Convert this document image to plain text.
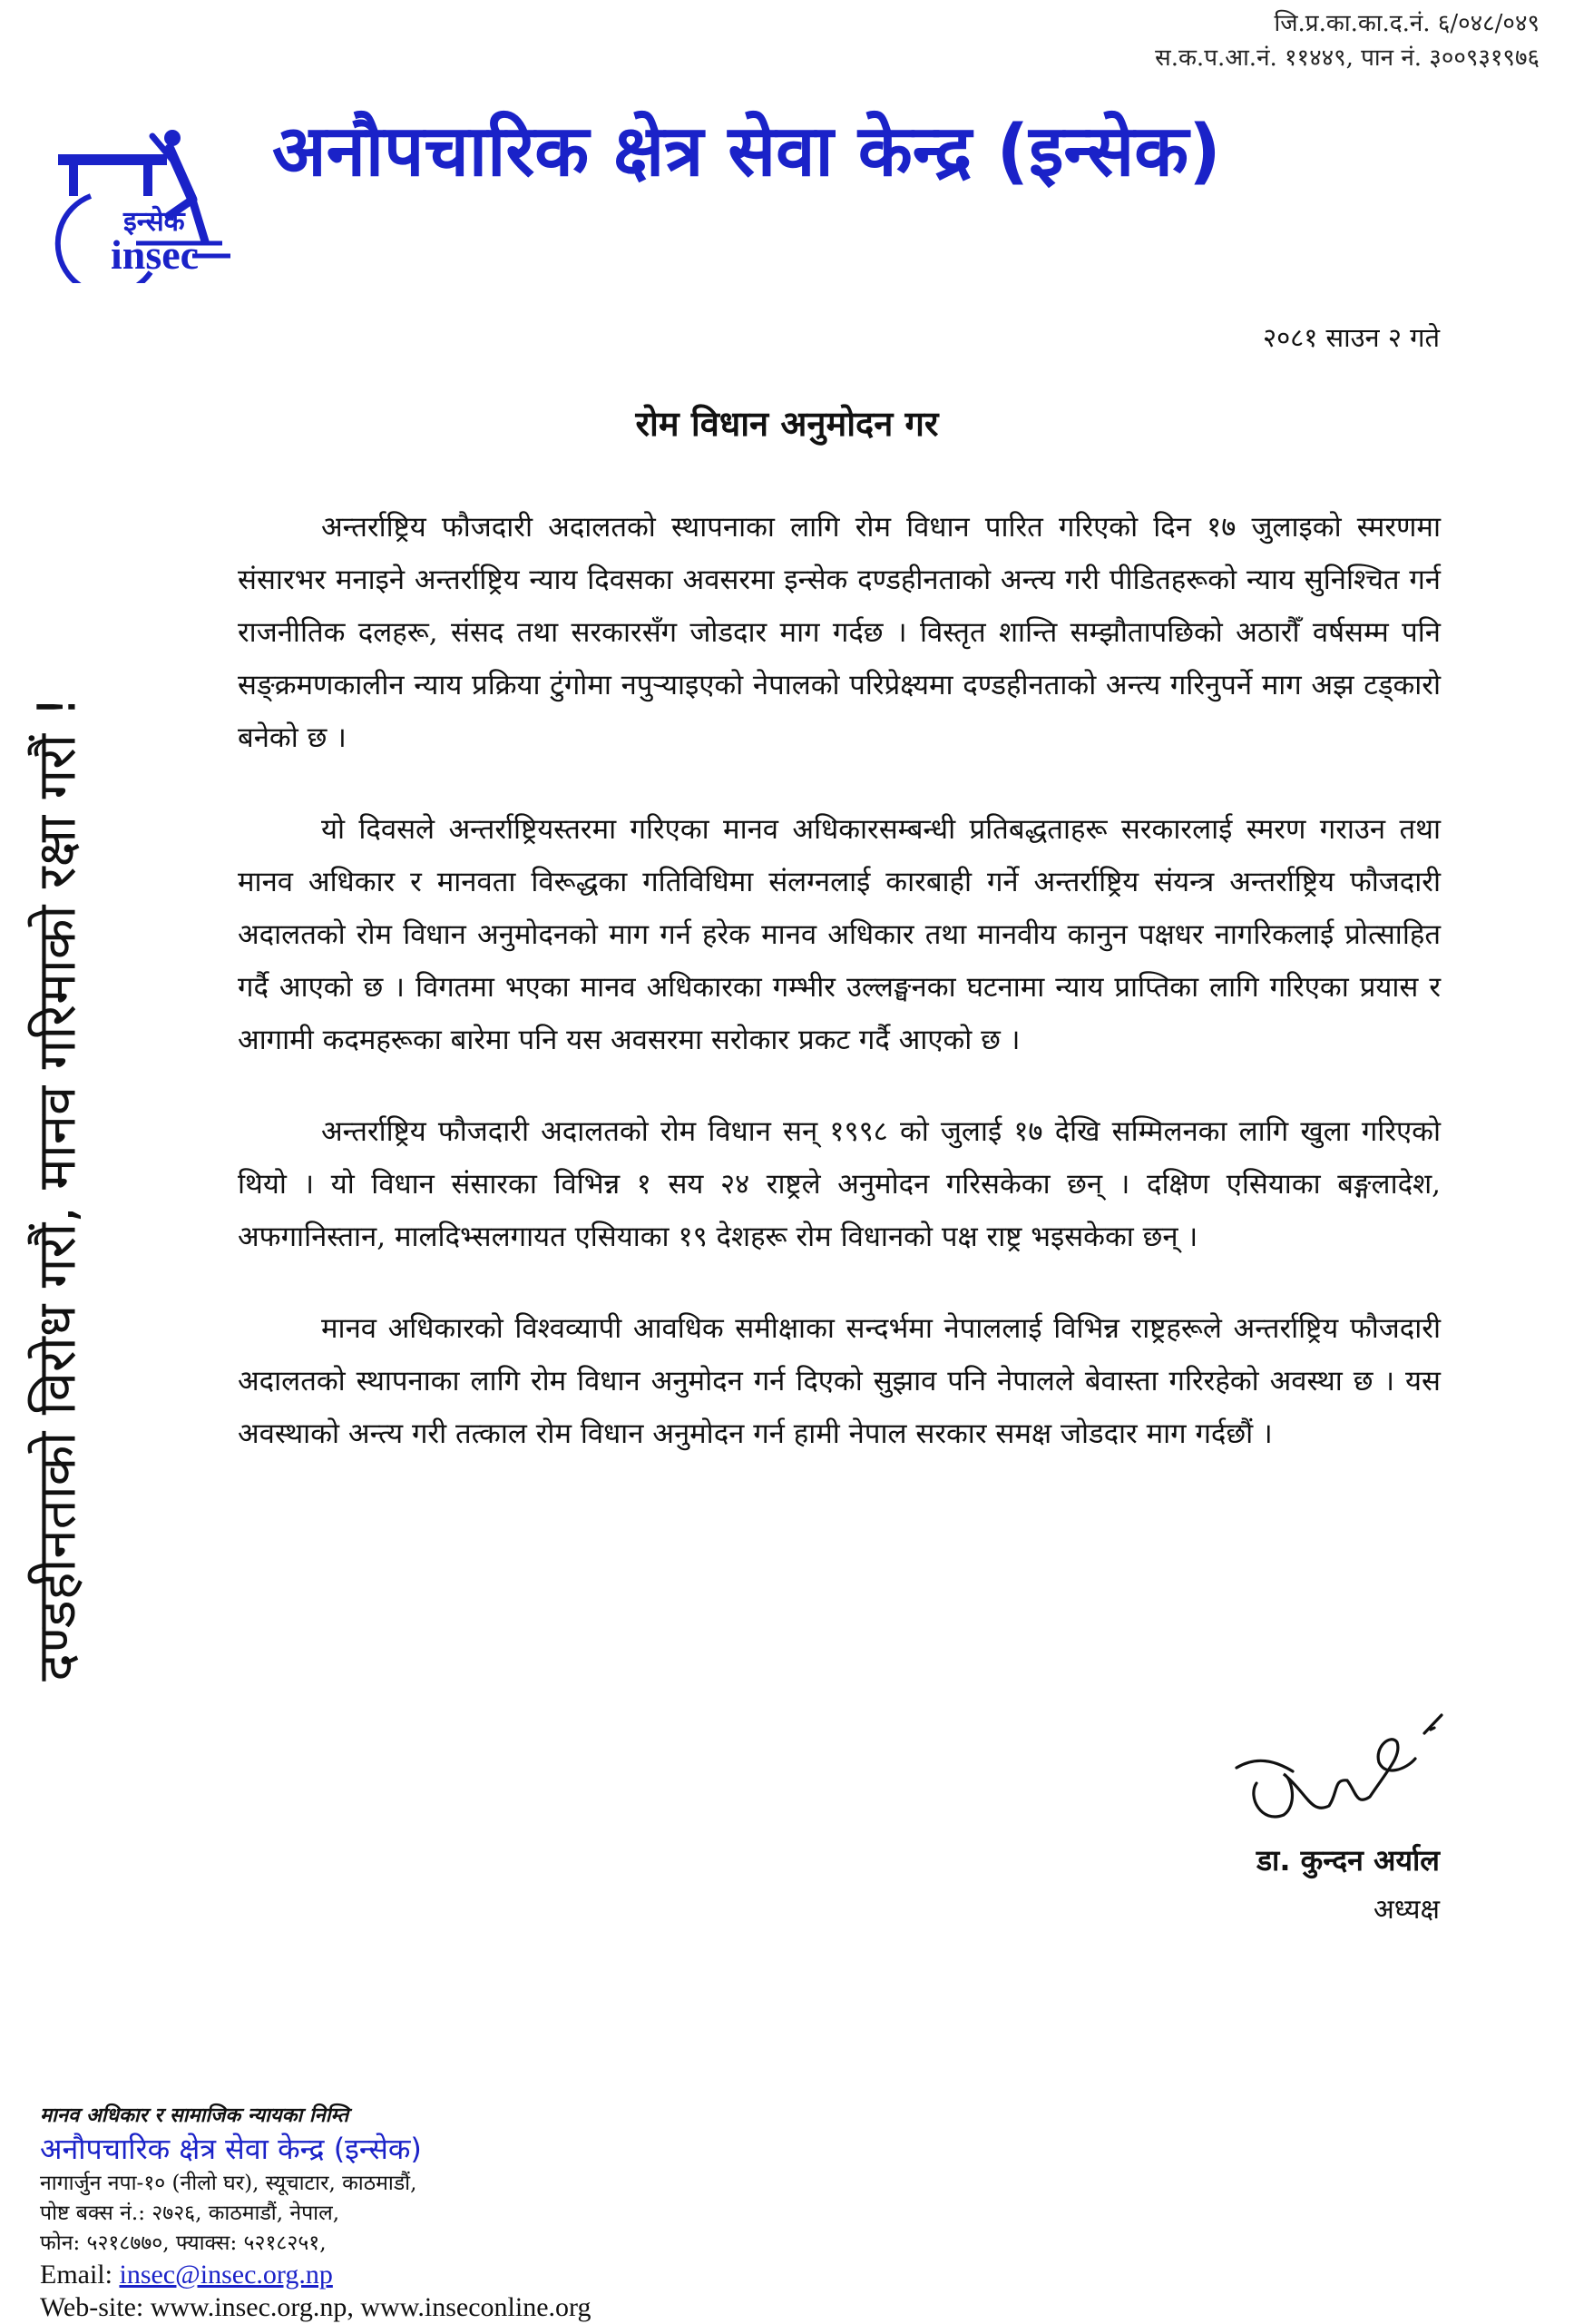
जि.प्र.का.का.द.नं. ६/०४८/०४९
स.क.प.आ.नं. ११४४९, पान नं. ३००९३१९७६
इन्सेक
insec
अनौपचारिक क्षेत्र सेवा केन्द्र (इन्सेक)
२०८१ साउन २ गते
रोम विधान अनुमोदन गर

अन्तर्राष्ट्रिय फौजदारी अदालतको स्थापनाका लागि रोम विधान पारित गरिएको दिन १७ जुलाइको स्मरणमा संसारभर मनाइने अन्तर्राष्ट्रिय न्याय दिवसका अवसरमा इन्सेक दण्डहीनताको अन्त्य गरी पीडितहरूको न्याय सुनिश्चित गर्न राजनीतिक दलहरू, संसद तथा सरकारसँग जोडदार माग गर्दछ । विस्तृत शान्ति सम्झौतापछिको अठारौँ वर्षसम्म पनि सङ्क्रमणकालीन न्याय प्रक्रिया टुंगोमा नपुऱ्याइएको नेपालको परिप्रेक्ष्यमा दण्डहीनताको अन्त्य गरिनुपर्ने माग अझ टड्कारो बनेको छ ।

यो दिवसले अन्तर्राष्ट्रियस्तरमा गरिएका मानव अधिकारसम्बन्धी प्रतिबद्धताहरू सरकारलाई स्मरण गराउन तथा मानव अधिकार र मानवता विरूद्धका गतिविधिमा संलग्नलाई कारबाही गर्ने अन्तर्राष्ट्रिय संयन्त्र अन्तर्राष्ट्रिय फौजदारी अदालतको रोम विधान अनुमोदनको माग गर्न हरेक मानव अधिकार तथा मानवीय कानुन पक्षधर नागरिकलाई प्रोत्साहित गर्दै आएको छ । विगतमा भएका मानव अधिकारका गम्भीर उल्लङ्घनका घटनामा न्याय प्राप्तिका लागि गरिएका प्रयास र आगामी कदमहरूका बारेमा पनि यस अवसरमा सरोकार प्रकट गर्दै आएको छ ।

अन्तर्राष्ट्रिय फौजदारी अदालतको रोम विधान सन् १९९८ को जुलाई १७ देखि सम्मिलनका लागि खुला गरिएको थियो । यो विधान संसारका विभिन्न १ सय २४ राष्ट्रले अनुमोदन गरिसकेका छन् । दक्षिण एसियाका बङ्गलादेश, अफगानिस्तान, मालदिभ्सलगायत एसियाका १९ देशहरू रोम विधानको पक्ष राष्ट्र भइसकेका छन् ।

मानव अधिकारको विश्वव्यापी आवधिक समीक्षाका सन्दर्भमा नेपाललाई विभिन्न राष्ट्रहरूले अन्तर्राष्ट्रिय फौजदारी अदालतको स्थापनाका लागि रोम विधान अनुमोदन गर्न दिएको सुझाव पनि नेपालले बेवास्ता गरिरहेको अवस्था छ । यस अवस्थाको अन्त्य गरी तत्काल रोम विधान अनुमोदन गर्न हामी नेपाल सरकार समक्ष जोडदार माग गर्दछौं ।

दण्डहीनताको विरोध गरौं, मानव गरिमाको रक्षा गरौं !
डा. कुन्दन अर्याल
अध्यक्ष
मानव अधिकार र सामाजिक न्यायका निम्ति
अनौपचारिक क्षेत्र सेवा केन्द्र (इन्सेक)
नागार्जुन नपा-१० (नीलो घर), स्यूचाटार, काठमाडौं,
पोष्ट बक्स नं.: २७२६, काठमाडौं, नेपाल,
फोन: ५२१८७७०, फ्याक्स: ५२१८२५१,
Email: insec@insec.org.np
Web-site: www.insec.org.np, www.inseconline.org
